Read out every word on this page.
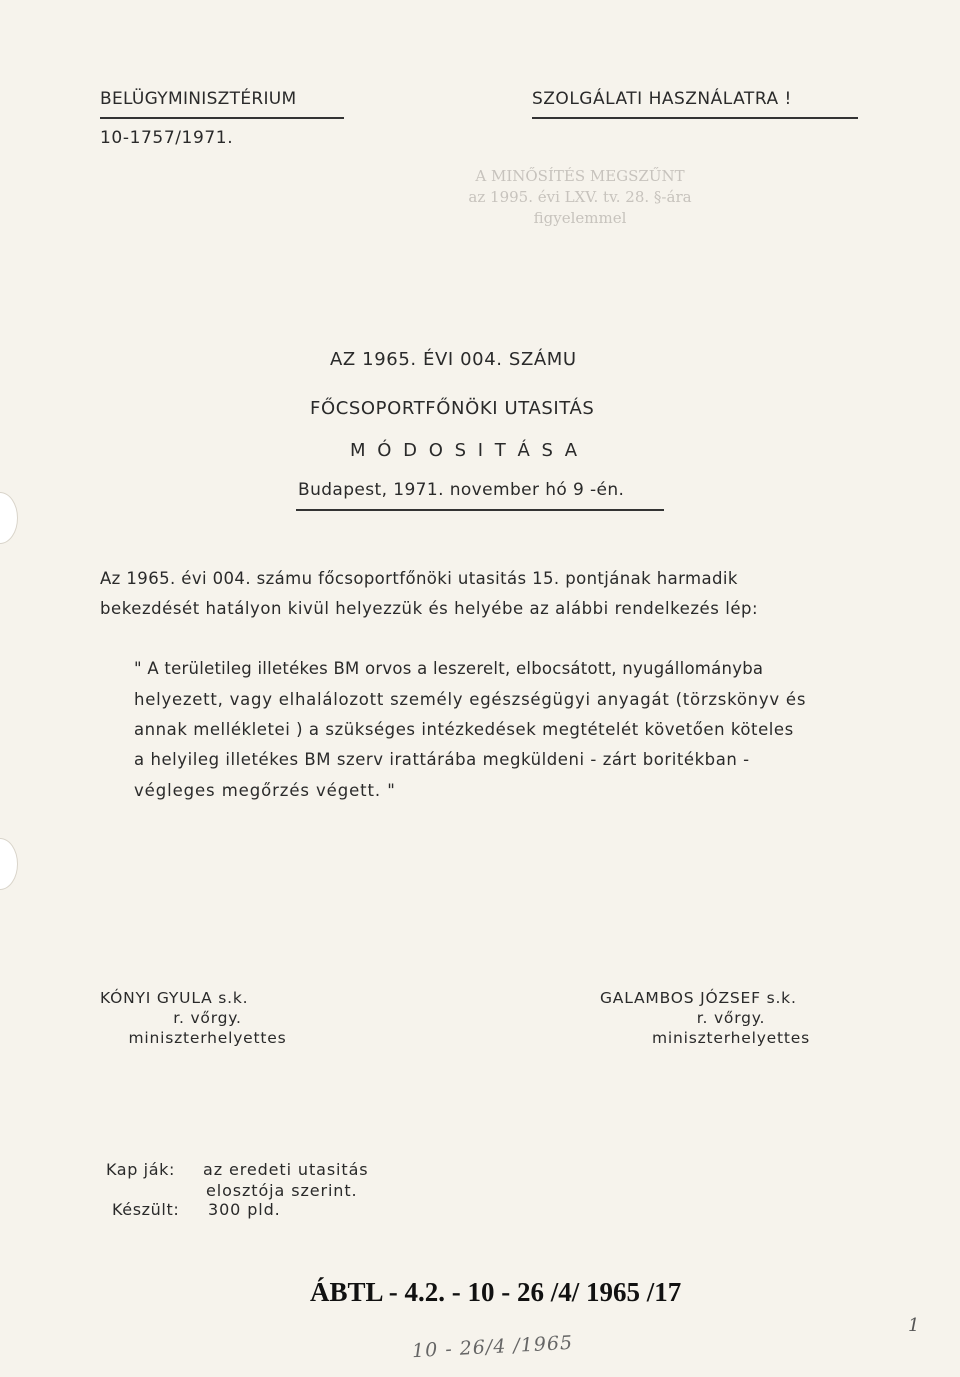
BELÜGYMINISZTÉRIUM	SZOLGÁLATI HASZNÁLATRA !
10-1757/1971.
A MINŐSÍTÉS MEGSZŰNT
az 1995. évi LXV. tv. 28. §-ára
figyelemmel
AZ 1965. ÉVI 004. SZÁMU
FŐCSOPORTFŐNÖKI UTASITÁS
M Ó D O S I T Á S A
Budapest, 1971. november hó 9 -én.
Az 1965. évi 004. számu főcsoportfőnöki utasitás 15. pontjának harmadik
bekezdését hatályon kivül helyezzük és helyébe az alábbi rendelkezés lép:
" A területileg illetékes BM orvos a leszerelt, elbocsátott, nyugállományba
helyezett, vagy elhalálozott személy egészségügyi anyagát (törzskönyv és
annak mellékletei ) a szükséges intézkedések megtételét követően köteles
a helyileg illetékes BM szerv irattárába megküldeni - zárt boritékban -
végleges megőrzés végett. "
KÓNYI GYULA s.k.
r. vőrgy.
miniszterhelyettes
GALAMBOS JÓZSEF s.k.
r. vőrgy.
miniszterhelyettes
Kap ják: az eredeti utasitás
elosztója szerint.
Készült: 300 pld.
ÁBTL - 4.2. - 10 - 26 /4/ 1965 /17
10 - 26/4 /1965
1
